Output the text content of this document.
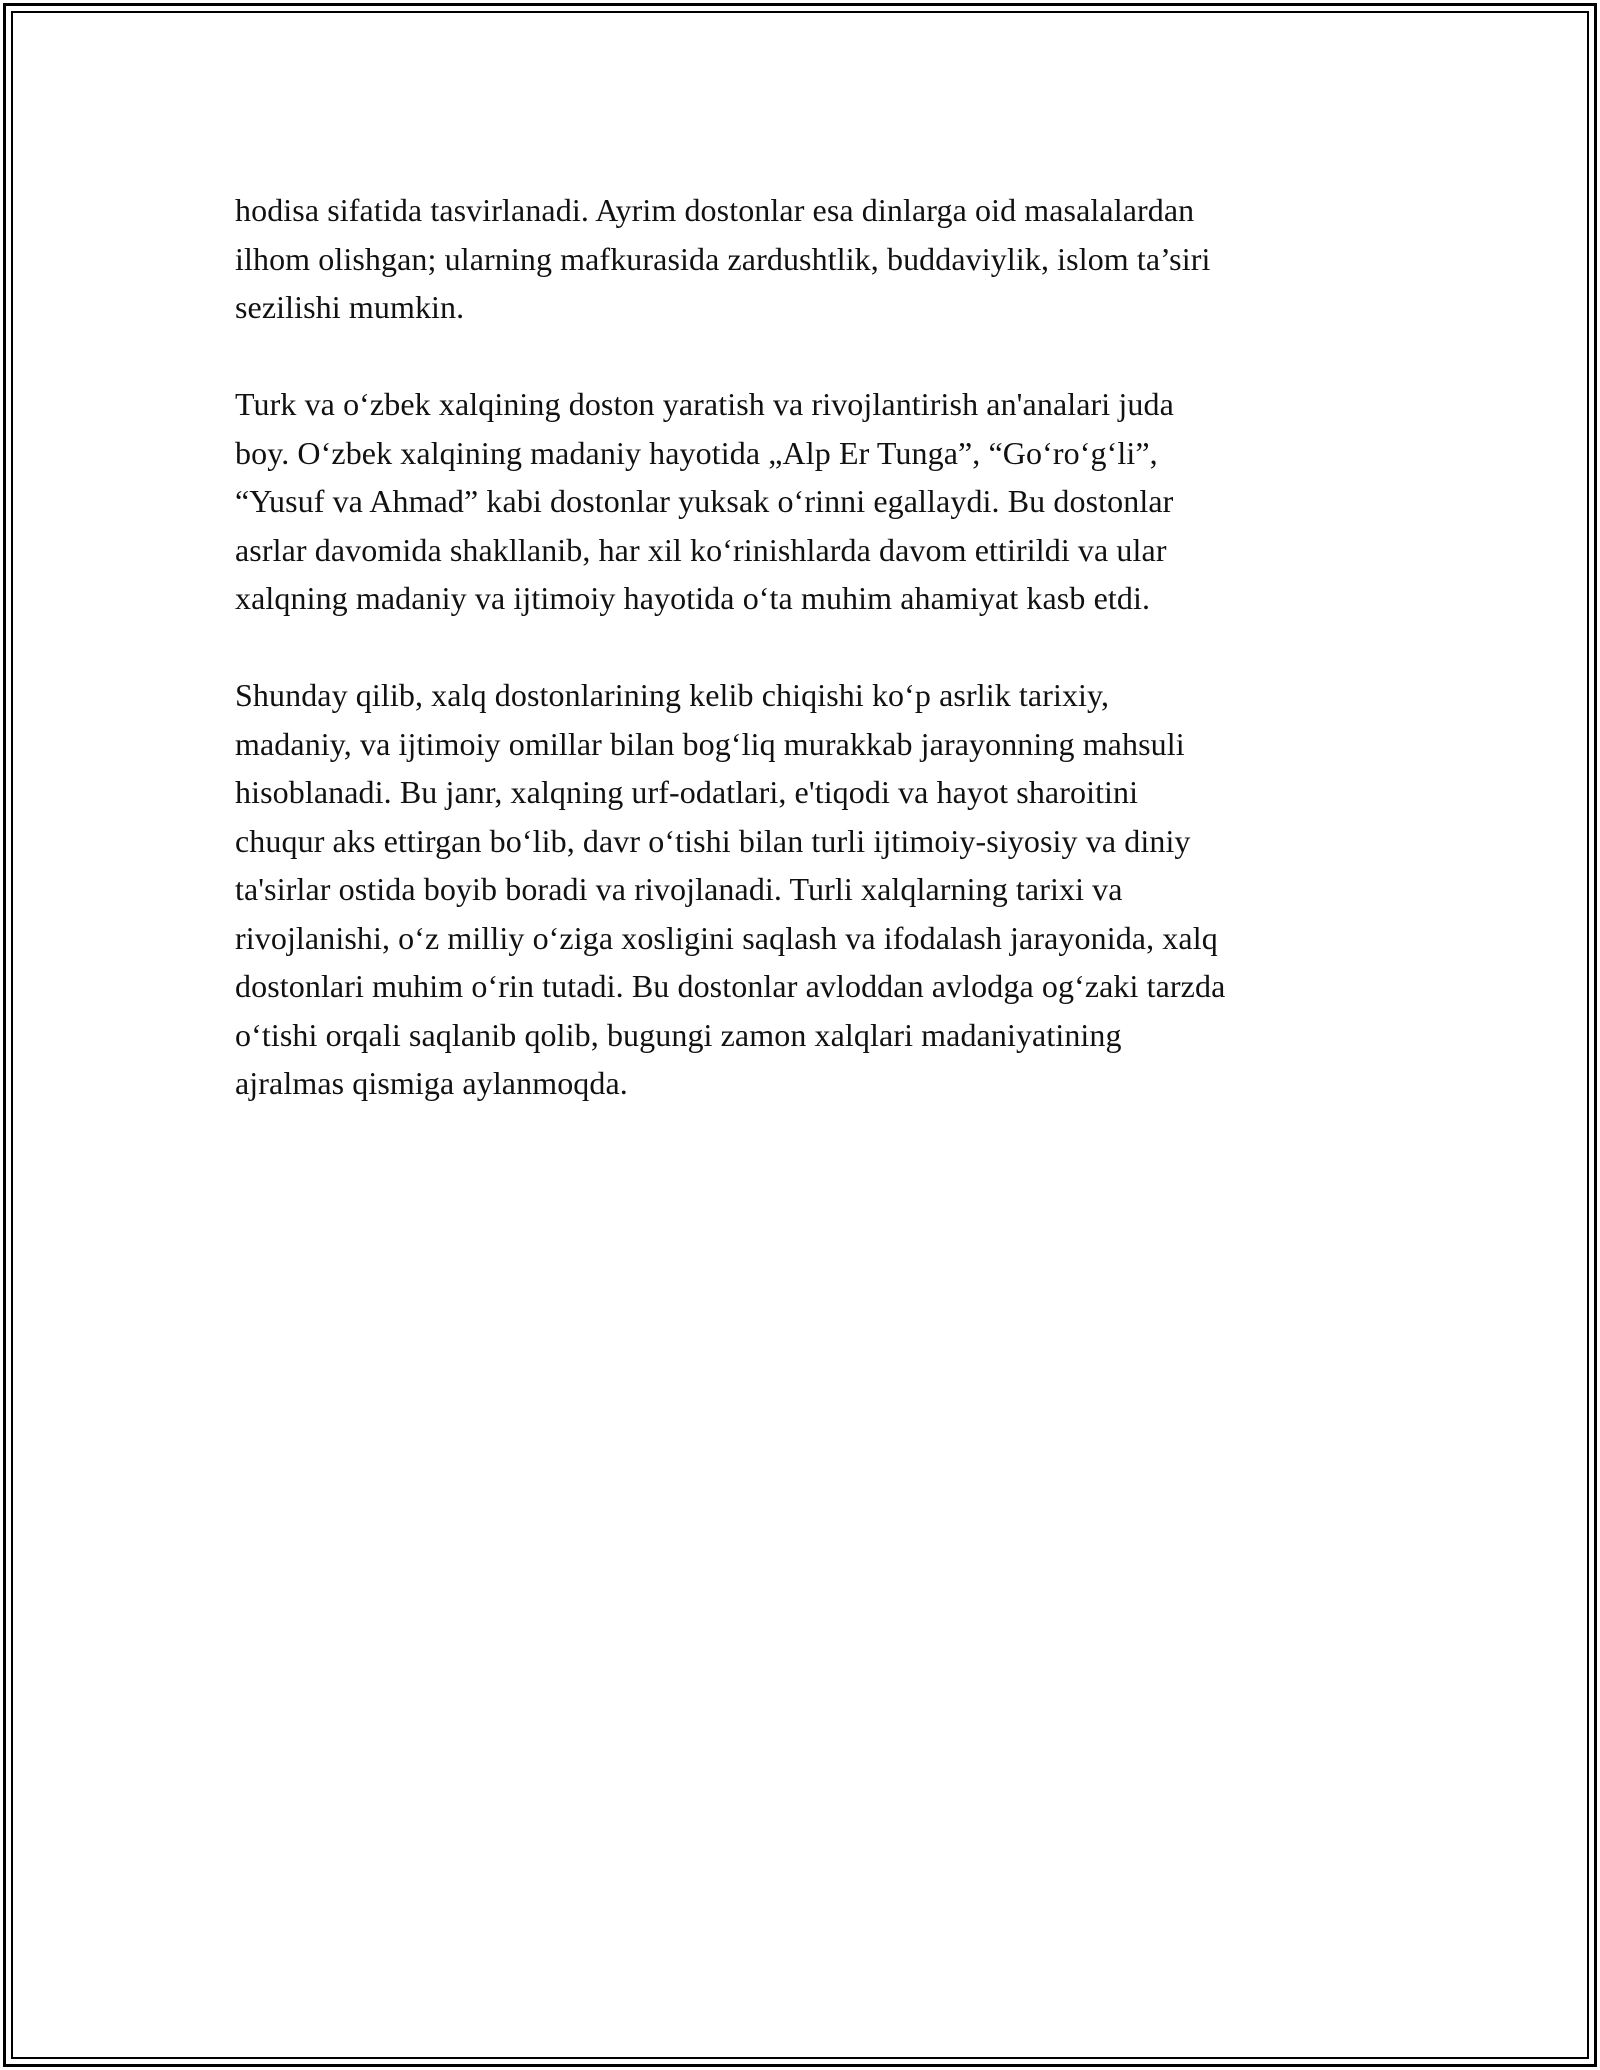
hodisa sifatida tasvirlanadi. Ayrim dostonlar esa dinlarga oid masalalardan
ilhom olishgan; ularning mafkurasida zardushtlik, buddaviylik, islom ta’siri
sezilishi mumkin.

Turk va o‘zbek xalqining doston yaratish va rivojlantirish an'analari juda
boy. O‘zbek xalqining madaniy hayotida „Alp Er Tunga”, “Go‘ro‘g‘li”,
“Yusuf va Ahmad” kabi dostonlar yuksak o‘rinni egallaydi. Bu dostonlar
asrlar davomida shakllanib, har xil ko‘rinishlarda davom ettirildi va ular
xalqning madaniy va ijtimoiy hayotida o‘ta muhim ahamiyat kasb etdi.

Shunday qilib, xalq dostonlarining kelib chiqishi ko‘p asrlik tarixiy,
madaniy, va ijtimoiy omillar bilan bog‘liq murakkab jarayonning mahsuli
hisoblanadi. Bu janr, xalqning urf-odatlari, e'tiqodi va hayot sharoitini
chuqur aks ettirgan bo‘lib, davr o‘tishi bilan turli ijtimoiy-siyosiy va diniy
ta'sirlar ostida boyib boradi va rivojlanadi. Turli xalqlarning tarixi va
rivojlanishi, o‘z milliy o‘ziga xosligini saqlash va ifodalash jarayonida, xalq
dostonlari muhim o‘rin tutadi. Bu dostonlar avloddan avlodga og‘zaki tarzda
o‘tishi orqali saqlanib qolib, bugungi zamon xalqlari madaniyatining
ajralmas qismiga aylanmoqda.
